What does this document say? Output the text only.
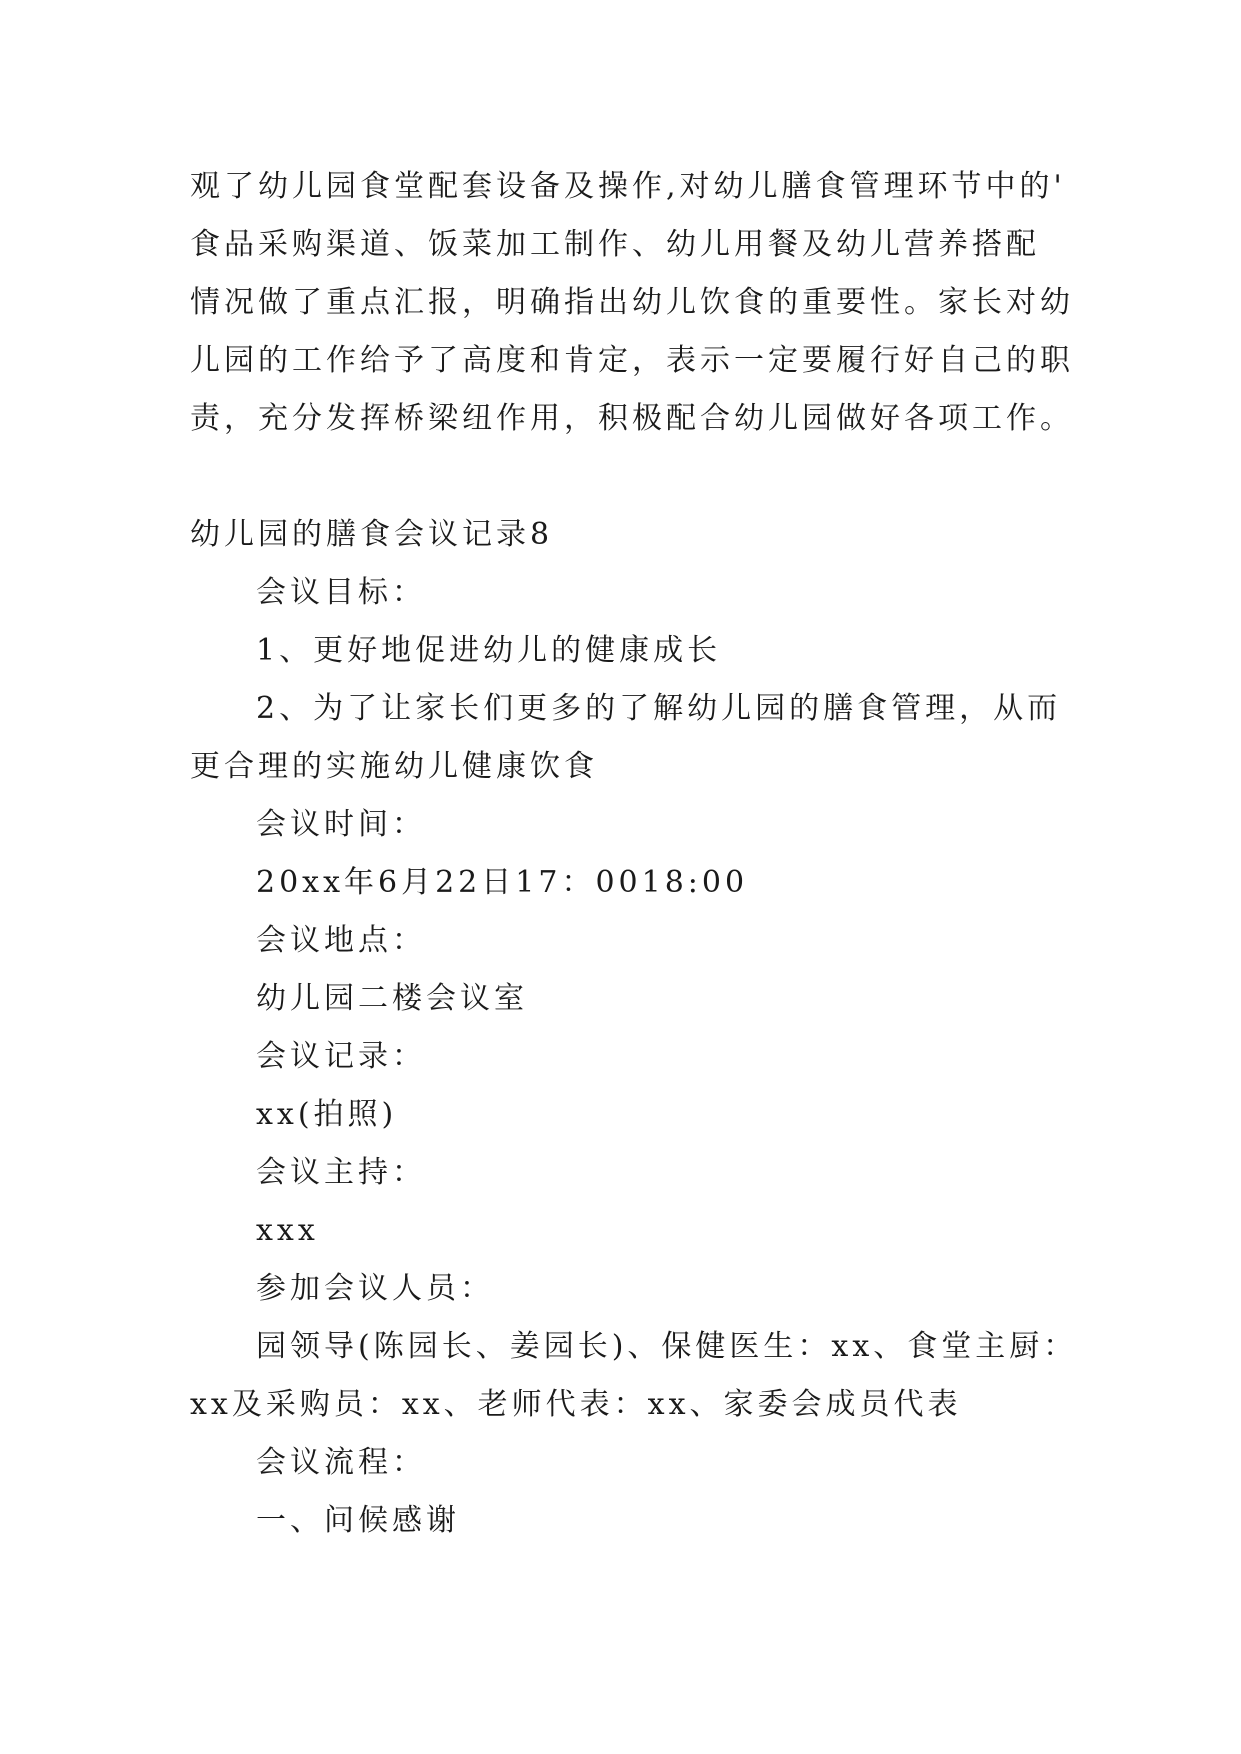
观了幼儿园食堂配套设备及操作,对幼儿膳食管理环节中的'
食品采购渠道、饭菜加工制作、幼儿用餐及幼儿营养搭配
情况做了重点汇报，明确指出幼儿饮食的重要性。家长对幼
儿园的工作给予了高度和肯定，表示一定要履行好自己的职
责，充分发挥桥梁纽作用，积极配合幼儿园做好各项工作。
幼儿园的膳食会议记录8
会议目标：
1、更好地促进幼儿的健康成长
2、为了让家长们更多的了解幼儿园的膳食管理，从而
更合理的实施幼儿健康饮食
会议时间：
20xx年6月22日17：0018:00
会议地点：
幼儿园二楼会议室
会议记录：
xx(拍照)
会议主持：
xxx
参加会议人员：
园领导(陈园长、姜园长)、保健医生：xx、食堂主厨：
xx及采购员：xx、老师代表：xx、家委会成员代表
会议流程：
一、问候感谢
